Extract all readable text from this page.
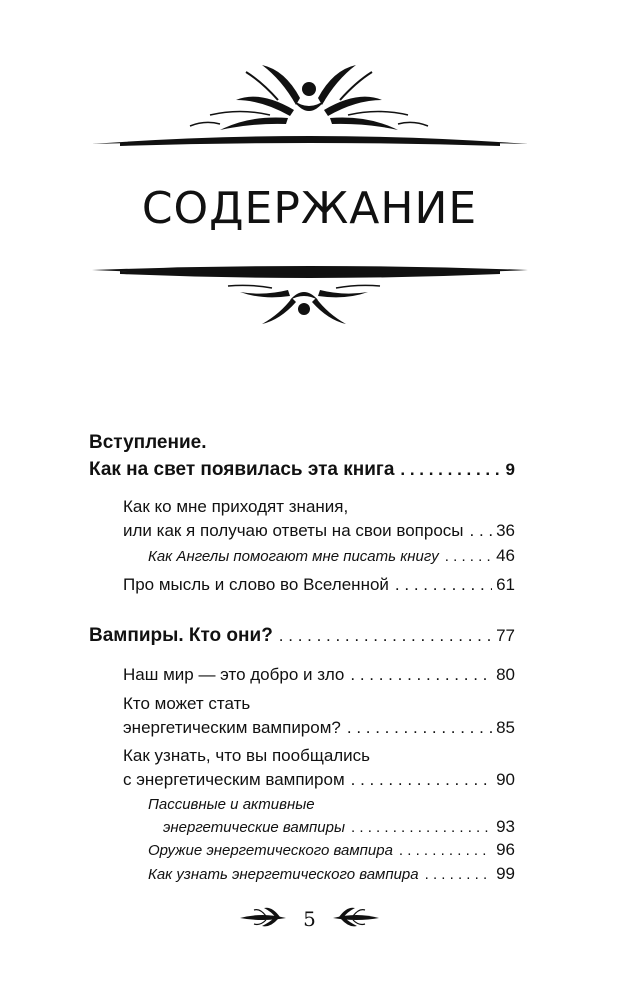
СОДЕРЖАНИЕ
Вступление.
Как на свет появилась эта книга . . .	9
Как ко мне приходят знания,
или как я получаю ответы на свои вопросы . . . 36
Как Ангелы помогают мне писать книгу . . .	46
Про мысль и слово во Вселенной . . .	61
Вампиры. Кто они? . . .	77
Наш мир — это добро и зло . . .	80
Кто может стать
энергетическим вампиром? . . .	85
Как узнать, что вы пообщались
с энергетическим вампиром . . .	90
Пассивные и активные
энергетические вампиры . . .	93
Оружие энергетического вампира . . .	96
Как узнать энергетического вампира . . .	99
5
